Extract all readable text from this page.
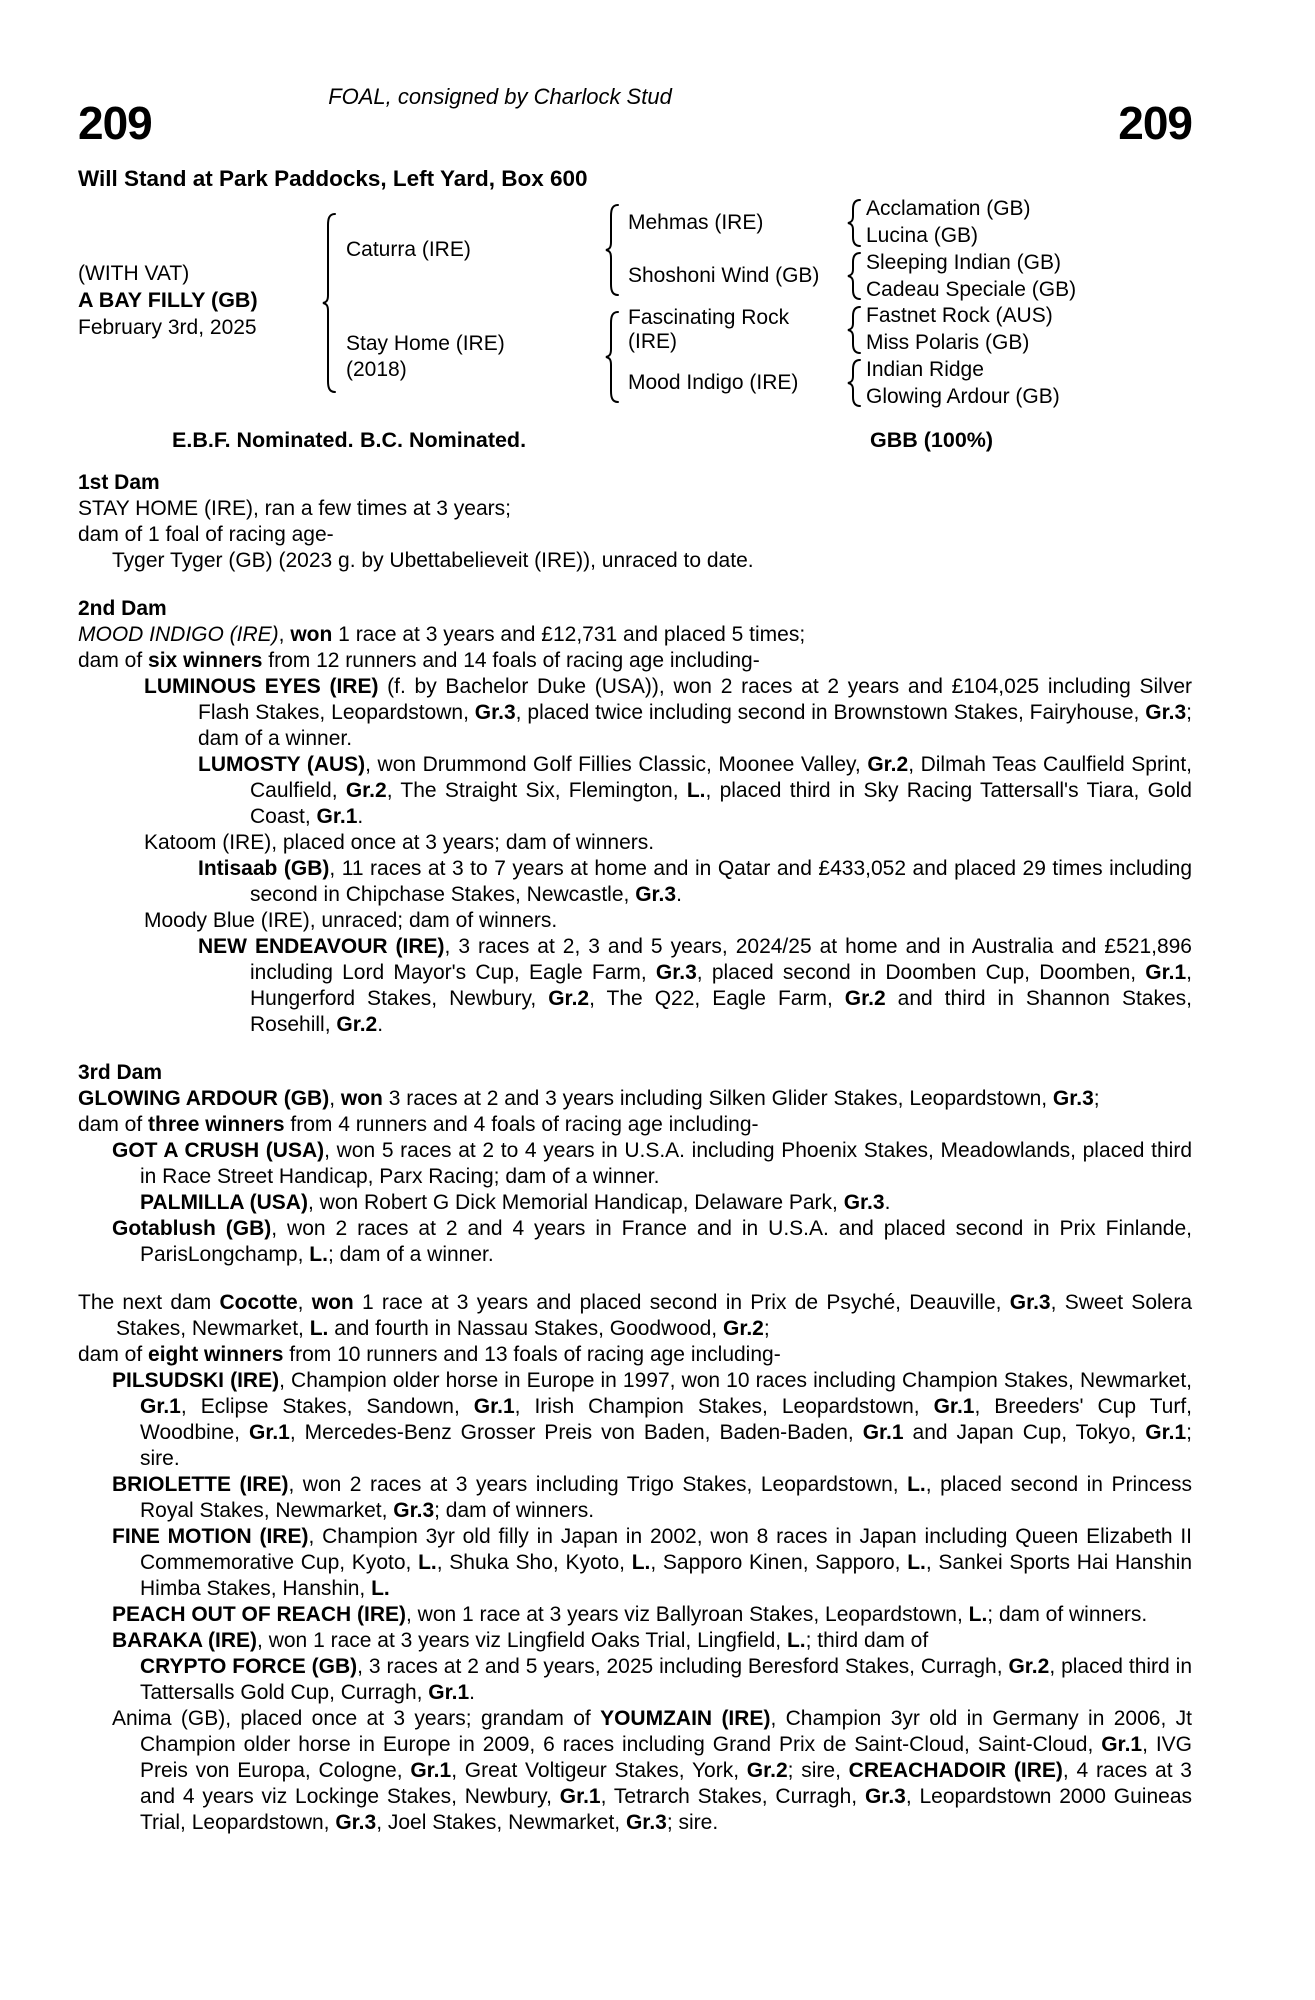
FOAL, consigned by Charlock Stud
209	209
Will Stand at Park Paddocks, Left Yard, Box 600
(WITH VAT)
A BAY FILLY (GB)
February 3rd, 2025
Caturra (IRE)
Mehmas (IRE)
Acclamation (GB)
Lucina (GB)
Shoshoni Wind (GB)
Sleeping Indian (GB)
Cadeau Speciale (GB)
Stay Home (IRE)
(2018)
Fascinating Rock (IRE)
Fastnet Rock (AUS)
Miss Polaris (GB)
Mood Indigo (IRE)
Indian Ridge
Glowing Ardour (GB)
E.B.F. Nominated. B.C. Nominated.	GBB (100%)
1st Dam

STAY HOME (IRE), ran a few times at 3 years;

dam of 1 foal of racing age-

Tyger Tyger (GB) (2023 g. by Ubettabelieveit (IRE)), unraced to date.

2nd Dam

MOOD INDIGO (IRE), won 1 race at 3 years and £12,731 and placed 5 times;

dam of six winners from 12 runners and 14 foals of racing age including-

LUMINOUS EYES (IRE) (f. by Bachelor Duke (USA)), won 2 races at 2 years and £104,025 including Silver Flash Stakes, Leopardstown, Gr.3, placed twice including second in Brownstown Stakes, Fairyhouse, Gr.3; dam of a winner.

LUMOSTY (AUS), won Drummond Golf Fillies Classic, Moonee Valley, Gr.2, Dilmah Teas Caulfield Sprint, Caulfield, Gr.2, The Straight Six, Flemington, L., placed third in Sky Racing Tattersall's Tiara, Gold Coast, Gr.1.

Katoom (IRE), placed once at 3 years; dam of winners.

Intisaab (GB), 11 races at 3 to 7 years at home and in Qatar and £433,052 and placed 29 times including second in Chipchase Stakes, Newcastle, Gr.3.

Moody Blue (IRE), unraced; dam of winners.

NEW ENDEAVOUR (IRE), 3 races at 2, 3 and 5 years, 2024/25 at home and in Australia and £521,896 including Lord Mayor's Cup, Eagle Farm, Gr.3, placed second in Doomben Cup, Doomben, Gr.1, Hungerford Stakes, Newbury, Gr.2, The Q22, Eagle Farm, Gr.2 and third in Shannon Stakes, Rosehill, Gr.2.

3rd Dam

GLOWING ARDOUR (GB), won 3 races at 2 and 3 years including Silken Glider Stakes, Leopardstown, Gr.3;

dam of three winners from 4 runners and 4 foals of racing age including-

GOT A CRUSH (USA), won 5 races at 2 to 4 years in U.S.A. including Phoenix Stakes, Meadowlands, placed third in Race Street Handicap, Parx Racing; dam of a winner.

PALMILLA (USA), won Robert G Dick Memorial Handicap, Delaware Park, Gr.3.

Gotablush (GB), won 2 races at 2 and 4 years in France and in U.S.A. and placed second in Prix Finlande, ParisLongchamp, L.; dam of a winner.

The next dam Cocotte, won 1 race at 3 years and placed second in Prix de Psyché, Deauville, Gr.3, Sweet Solera Stakes, Newmarket, L. and fourth in Nassau Stakes, Goodwood, Gr.2;

dam of eight winners from 10 runners and 13 foals of racing age including-

PILSUDSKI (IRE), Champion older horse in Europe in 1997, won 10 races including Champion Stakes, Newmarket, Gr.1, Eclipse Stakes, Sandown, Gr.1, Irish Champion Stakes, Leopardstown, Gr.1, Breeders' Cup Turf, Woodbine, Gr.1, Mercedes-Benz Grosser Preis von Baden, Baden-Baden, Gr.1 and Japan Cup, Tokyo, Gr.1; sire.

BRIOLETTE (IRE), won 2 races at 3 years including Trigo Stakes, Leopardstown, L., placed second in Princess Royal Stakes, Newmarket, Gr.3; dam of winners.

FINE MOTION (IRE), Champion 3yr old filly in Japan in 2002, won 8 races in Japan including Queen Elizabeth II Commemorative Cup, Kyoto, L., Shuka Sho, Kyoto, L., Sapporo Kinen, Sapporo, L., Sankei Sports Hai Hanshin Himba Stakes, Hanshin, L.

PEACH OUT OF REACH (IRE), won 1 race at 3 years viz Ballyroan Stakes, Leopardstown, L.; dam of winners.

BARAKA (IRE), won 1 race at 3 years viz Lingfield Oaks Trial, Lingfield, L.; third dam of

CRYPTO FORCE (GB), 3 races at 2 and 5 years, 2025 including Beresford Stakes, Curragh, Gr.2, placed third in Tattersalls Gold Cup, Curragh, Gr.1.

Anima (GB), placed once at 3 years; grandam of YOUMZAIN (IRE), Champion 3yr old in Germany in 2006, Jt Champion older horse in Europe in 2009, 6 races including Grand Prix de Saint-Cloud, Saint-Cloud, Gr.1, IVG Preis von Europa, Cologne, Gr.1, Great Voltigeur Stakes, York, Gr.2; sire, CREACHADOIR (IRE), 4 races at 3 and 4 years viz Lockinge Stakes, Newbury, Gr.1, Tetrarch Stakes, Curragh, Gr.3, Leopardstown 2000 Guineas Trial, Leopardstown, Gr.3, Joel Stakes, Newmarket, Gr.3; sire.
